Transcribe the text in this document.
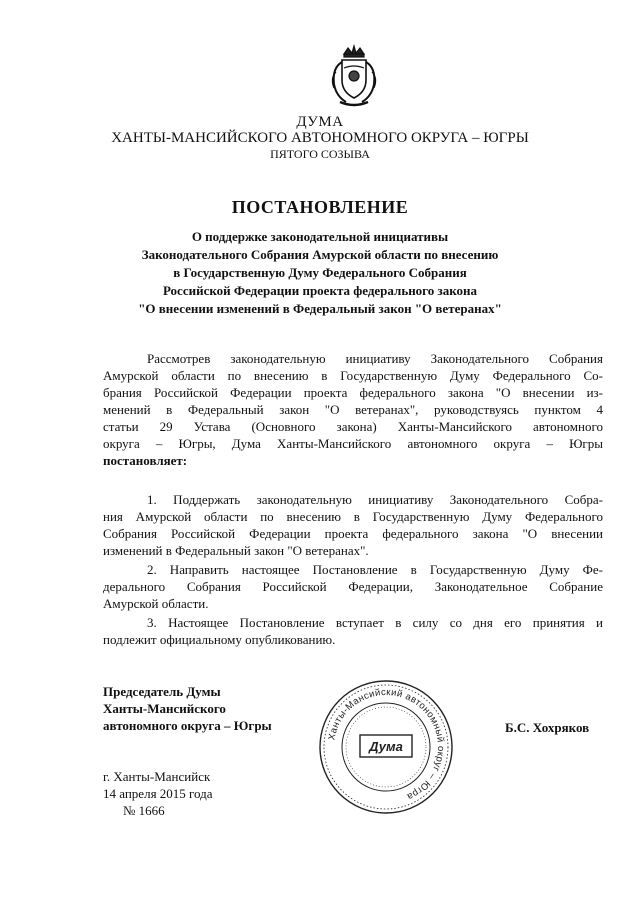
ДУМА
ХАНТЫ-МАНСИЙСКОГО АВТОНОМНОГО ОКРУГА – ЮГРЫ
ПЯТОГО СОЗЫВА
ПОСТАНОВЛЕНИЕ
О поддержке законодательной инициативы
Законодательного Собрания Амурской области по внесению
в Государственную Думу Федерального Собрания
Российской Федерации проекта федерального закона
"О внесении изменений в Федеральный закон "О ветеранах"
Рассмотрев законодательную инициативу Законодательного Собрания
Амурской области по внесению в Государственную Думу Федерального Со-
брания Российской Федерации проекта федерального закона "О внесении из-
менений в Федеральный закон "О ветеранах", руководствуясь пунктом 4
статьи 29 Устава (Основного закона) Ханты-Мансийского автономного
округа – Югры, Дума Ханты-Мансийского автономного округа – Югры
постановляет:
1. Поддержать законодательную инициативу Законодательного Собра-
ния Амурской области по внесению в Государственную Думу Федерального
Собрания Российской Федерации проекта федерального закона "О внесении
изменений в Федеральный закон "О ветеранах".
2. Направить настоящее Постановление в Государственную Думу Фе-
дерального Собрания Российской Федерации, Законодательное Собрание
Амурской области.
3. Настоящее Постановление вступает в силу со дня его принятия и
подлежит официальному опубликованию.
Председатель Думы
Ханты-Мансийского
автономного округа – Югры
Ханты-Мансийский автономный округ – Югра
Дума
Б.С. Хохряков
г. Ханты-Мансийск
14 апреля 2015 года
№ 1666
